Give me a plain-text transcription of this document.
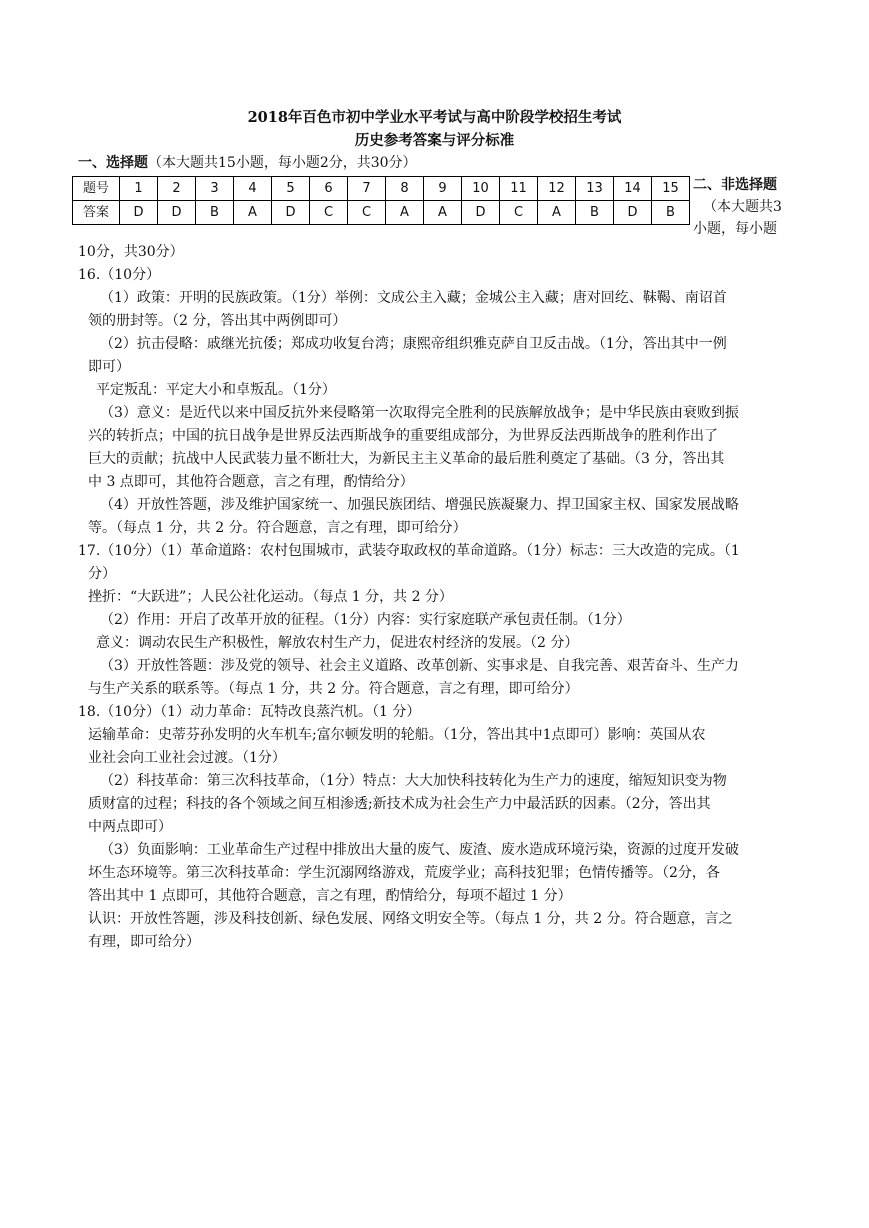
2018年百色市初中学业水平考试与高中阶段学校招生考试
历史参考答案与评分标准
一、选择题（本大题共15小题，每小题2分，共30分）
题号	1	2	3	4	5	6	7	8	9	10	11	12	13	14	15
答案	D	D	B	A	D	C	C	A	A	D	C	A	B	D	B
二、非选择题
（本大题共3
小题，每小题

10分，共30分）

16.（10分）

（1）政策：开明的民族政策。（1分）举例：文成公主入藏；金城公主入藏；唐对回纥、靺鞨、南诏首

领的册封等。（2 分，答出其中两例即可）

（2）抗击侵略：戚继光抗倭；郑成功收复台湾；康熙帝组织雅克萨自卫反击战。（1分，答出其中一例

即可）

平定叛乱：平定大小和卓叛乱。（1分）

（3）意义：是近代以来中国反抗外来侵略第一次取得完全胜利的民族解放战争；是中华民族由衰败到振

兴的转折点；中国的抗日战争是世界反法西斯战争的重要组成部分，为世界反法西斯战争的胜利作出了

巨大的贡献；抗战中人民武装力量不断壮大，为新民主主义革命的最后胜利奠定了基础。（3 分，答出其

中 3 点即可，其他符合题意，言之有理，酌情给分）

（4）开放性答题，涉及维护国家统一、加强民族团结、增强民族凝聚力、捍卫国家主权、国家发展战略

等。（每点 1 分，共 2 分。符合题意，言之有理，即可给分）

17.（10分）（1）革命道路：农村包围城市，武装夺取政权的革命道路。（1分）标志：三大改造的完成。（1

分）

挫折：“大跃进”；人民公社化运动。（每点 1 分，共 2 分）

（2）作用：开启了改革开放的征程。（1分）内容：实行家庭联产承包责任制。（1分）

意义：调动农民生产积极性，解放农村生产力，促进农村经济的发展。（2 分）

（3）开放性答题：涉及党的领导、社会主义道路、改革创新、实事求是、自我完善、艰苦奋斗、生产力

与生产关系的联系等。（每点 1 分，共 2 分。符合题意，言之有理，即可给分）

18.（10分）（1）动力革命：瓦特改良蒸汽机。（1 分）

运输革命：史蒂芬孙发明的火车机车;富尔顿发明的轮船。（1分，答出其中1点即可）影响：英国从农

业社会向工业社会过渡。（1分）

（2）科技革命：第三次科技革命，（1分）特点：大大加快科技转化为生产力的速度，缩短知识变为物

质财富的过程；科技的各个领域之间互相渗透;新技术成为社会生产力中最活跃的因素。（2分，答出其

中两点即可）

（3）负面影响：工业革命生产过程中排放出大量的废气、废渣、废水造成环境污染，资源的过度开发破

坏生态环境等。第三次科技革命：学生沉溺网络游戏，荒废学业；高科技犯罪；色情传播等。（2分，各

答出其中 1 点即可，其他符合题意，言之有理，酌情给分，每项不超过 1 分）

认识：开放性答题，涉及科技创新、绿色发展、网络文明安全等。（每点 1 分，共 2 分。符合题意，言之

有理，即可给分）
